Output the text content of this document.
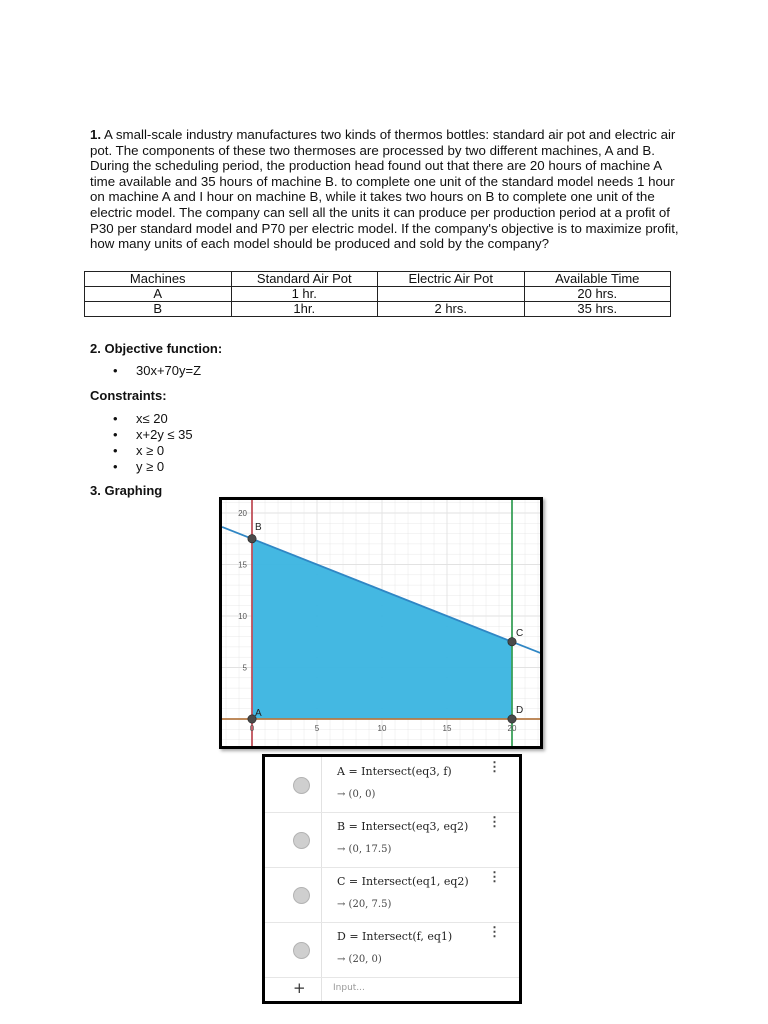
1. A small-scale industry manufactures two kinds of thermos bottles: standard air pot and electric air pot. The components of these two thermoses are processed by two different machines, A and B. During the scheduling period, the production head found out that there are 20 hours of machine A time available and 35 hours of machine B. to complete one unit of the standard model needs 1 hour on machine A and I hour on machine B, while it takes two hours on B to complete one unit of the electric model. The company can sell all the units it can produce per production period at a profit of P30 per standard model and P70 per electric model. If the company's objective is to maximize profit, how many units of each model should be produced and sold by the company?

Machines	Standard Air Pot	Electric Air Pot	Available Time
A	1 hr.		20 hrs.
B	1hr.	2 hrs.	35 hrs.

2. Objective function:

• 30x+70y=Z

Constraints:

• x≤ 20
• x+2y ≤ 35
• x ≥ 0
• y ≥ 0

3. Graphing

0	5	10	15	20
5
10
15
20
A
B
C
D
A = Intersect(eq3, f)
→ (0, 0)
⋮
B = Intersect(eq3, eq2)
→ (0, 17.5)
⋮
C = Intersect(eq1, eq2)
→ (20, 7.5)
⋮
D = Intersect(f, eq1)
→ (20, 0)
⋮
+	Input...
